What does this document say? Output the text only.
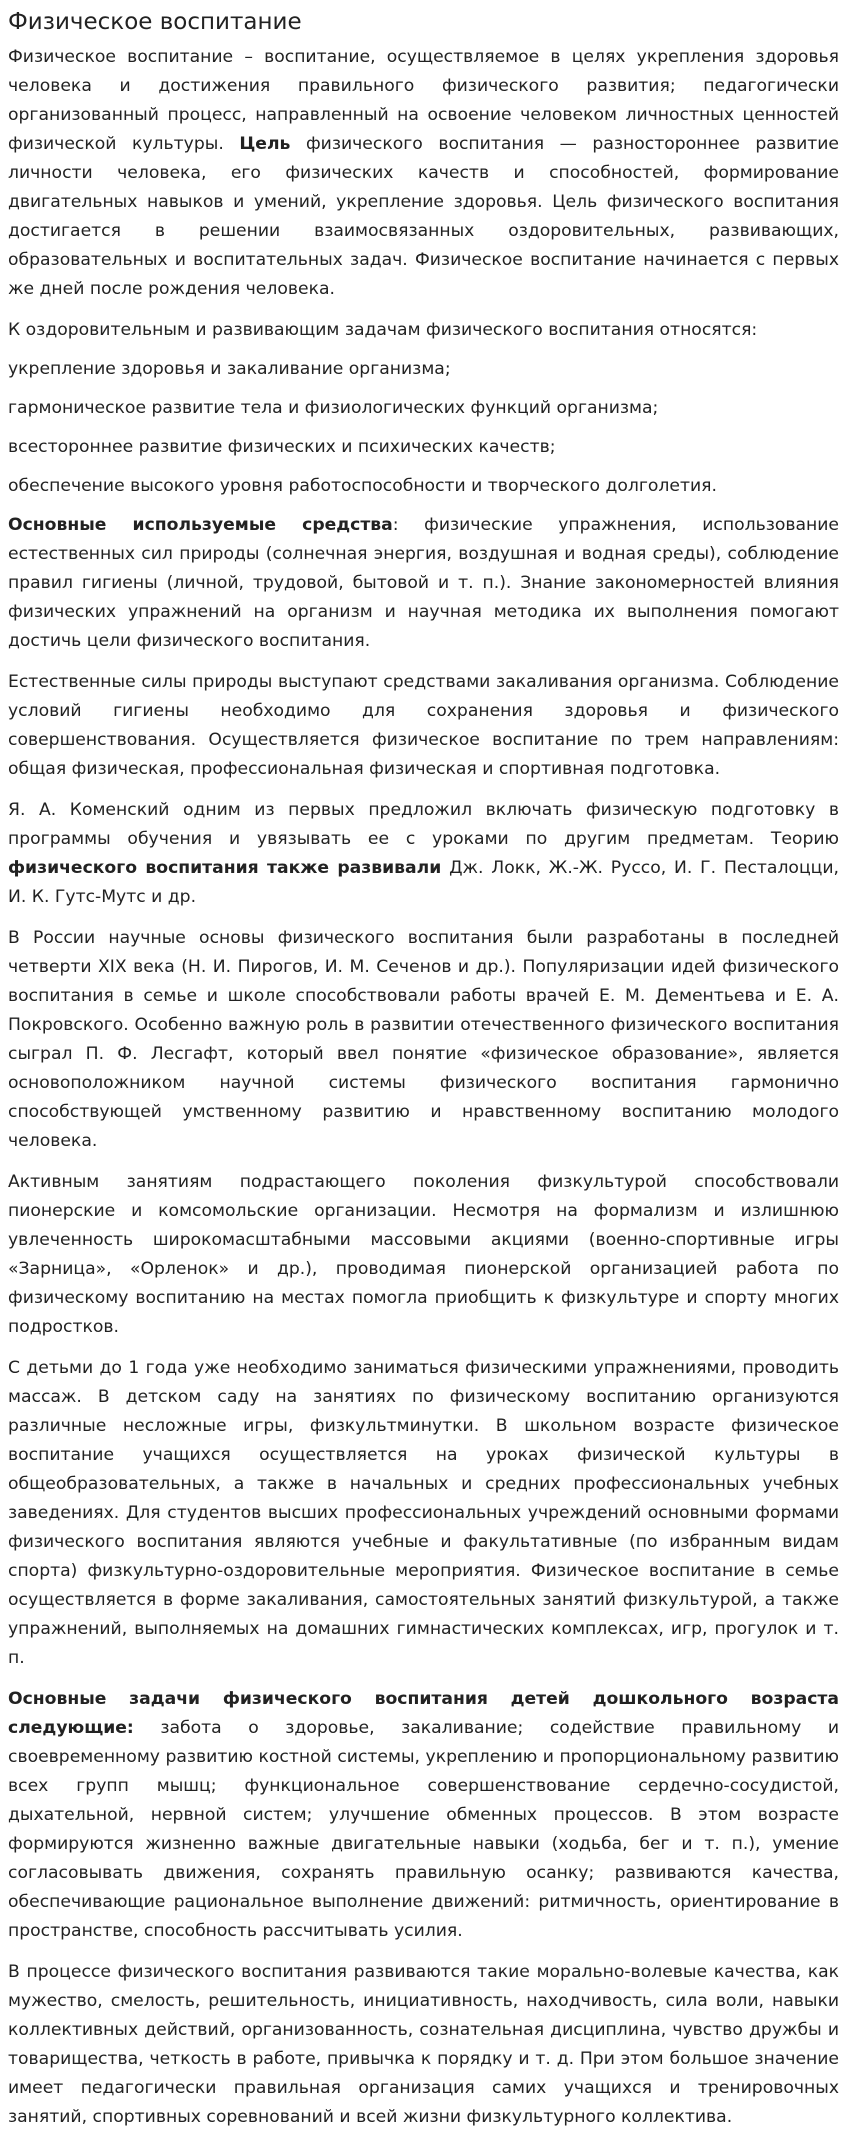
Физическое воспитание

Физическое воспитание – воспитание, осуществляемое в целях укрепления здоровья человека и достижения правильного физического развития; педагогически организованный процесс, направленный на освоение человеком личностных ценностей физической культуры. Цель физического воспитания — разностороннее развитие личности человека, его физических качеств и способностей, формирование двигательных навыков и умений, укрепление здоровья. Цель физического воспитания достигается в решении взаимосвязанных оздоровительных, развивающих, образовательных и воспитательных задач. Физическое воспитание начинается с первых же дней после рождения человека.

К оздоровительным и развивающим задачам физического воспитания относятся:

укрепление здоровья и закаливание организма;

гармоническое развитие тела и физиологических функций организма;

всестороннее развитие физических и психических качеств;

обеспечение высокого уровня работоспособности и творческого долголетия.

Основные используемые средства: физические упражнения, использование естественных сил природы (солнечная энергия, воздушная и водная среды), соблюдение правил гигиены (личной, трудовой, бытовой и т. п.). Знание закономерностей влияния физических упражнений на организм и научная методика их выполнения помогают достичь цели физического воспитания.

Естественные силы природы выступают средствами закаливания организма. Соблюдение условий гигиены необходимо для сохранения здоровья и физического совершенствования. Осуществляется физическое воспитание по трем направлениям: общая физическая, профессиональная физическая и спортивная подготовка.

Я. А. Коменский одним из первых предложил включать физическую подготовку в программы обучения и увязывать ее с уроками по другим предметам. Теорию физического воспитания также развивали Дж. Локк, Ж.-Ж. Руссо, И. Г. Песталоцци, И. К. Гутс-Мутс и др.

В России научные основы физического воспитания были разработаны в последней четверти XIX века (Н. И. Пирогов, И. М. Сеченов и др.). Популяризации идей физического воспитания в семье и школе способствовали работы врачей Е. М. Дементьева и Е. А. Покровского. Особенно важную роль в развитии отечественного физического воспитания сыграл П. Ф. Лесгафт, который ввел понятие «физическое образование», является основоположником научной системы физического воспитания гармонично способствующей умственному развитию и нравственному воспитанию молодого человека.

Активным занятиям подрастающего поколения физкультурой способствовали пионерские и комсомольские организации. Несмотря на формализм и излишнюю увлеченность широкомасштабными массовыми акциями (военно-спортивные игры «Зарница», «Орленок» и др.), проводимая пионерской организацией работа по физическому воспитанию на местах помогла приобщить к физкультуре и спорту многих подростков.

С детьми до 1 года уже необходимо заниматься физическими упражнениями, проводить массаж. В детском саду на занятиях по физическому воспитанию организуются различные несложные игры, физкультминутки. В школьном возрасте физическое воспитание учащихся осуществляется на уроках физической культуры в общеобразовательных, а также в начальных и средних профессиональных учебных заведениях. Для студентов высших профессиональных учреждений основными формами физического воспитания являются учебные и факультативные (по избранным видам спорта) физкультурно-оздоровительные мероприятия. Физическое воспитание в семье осуществляется в форме закаливания, самостоятельных занятий физкультурой, а также упражнений, выполняемых на домашних гимнастических комплексах, игр, прогулок и т. п.

Основные задачи физического воспитания детей дошкольного возраста следующие: забота о здоровье, закаливание; содействие правильному и своевременному развитию костной системы, укреплению и пропорциональному развитию всех групп мышц; функциональное совершенствование сердечно-сосудистой, дыхательной, нервной систем; улучшение обменных процессов. В этом возрасте формируются жизненно важные двигательные навыки (ходьба, бег и т. п.), умение согласовывать движения, сохранять правильную осанку; развиваются качества, обеспечивающие рациональное выполнение движений: ритмичность, ориентирование в пространстве, способность рассчитывать усилия.

В процессе физического воспитания развиваются такие морально-волевые качества, как мужество, смелость, решительность, инициативность, находчивость, сила воли, навыки коллективных действий, организованность, сознательная дисциплина, чувство дружбы и товарищества, четкость в работе, привычка к порядку и т. д. При этом большое значение имеет педагогически правильная организация самих учащихся и тренировочных занятий, спортивных соревнований и всей жизни физкультурного коллектива.
